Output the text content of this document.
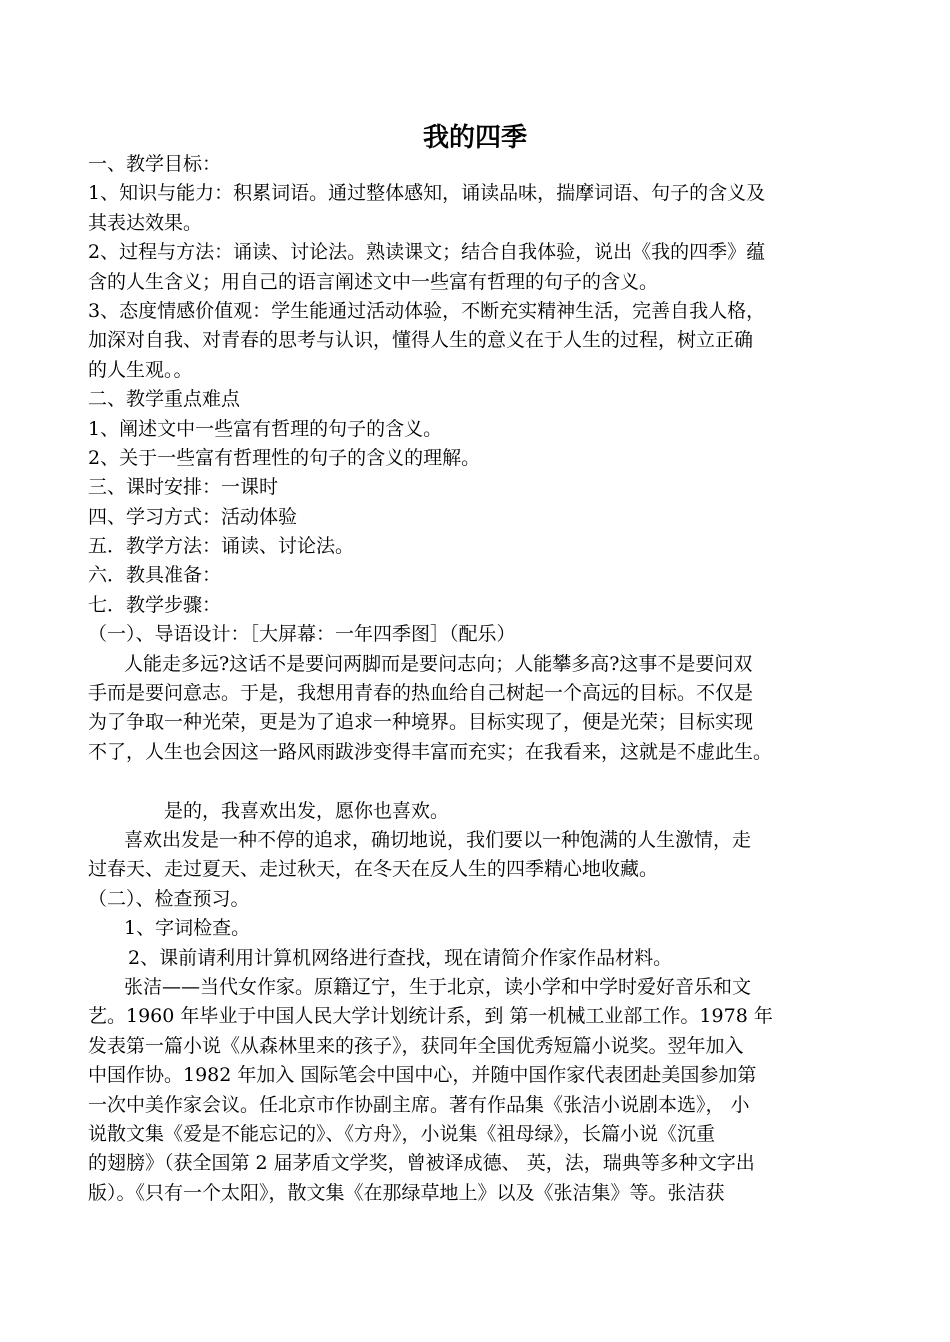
我的四季
一、教学目标：
1、知识与能力：积累词语。通过整体感知，诵读品味，揣摩词语、句子的含义及
其表达效果。
2、过程与方法：诵读、讨论法。熟读课文；结合自我体验，说出《我的四季》蕴
含的人生含义；用自己的语言阐述文中一些富有哲理的句子的含义。
3、态度情感价值观：学生能通过活动体验，不断充实精神生活，完善自我人格，
加深对自我、对青春的思考与认识，懂得人生的意义在于人生的过程，树立正确
的人生观。。
二、教学重点难点
1、阐述文中一些富有哲理的句子的含义。
2、关于一些富有哲理性的句子的含义的理解。
三、课时安排：一课时
四、学习方式：活动体验
五．教学方法：诵读、讨论法。
六．教具准备：
七．教学步骤：
（一）、导语设计：［大屏幕：一年四季图］（配乐）
人能走多远?这话不是要问两脚而是要问志向；人能攀多高?这事不是要问双
手而是要问意志。于是，我想用青春的热血给自己树起一个高远的目标。不仅是
为了争取一种光荣，更是为了追求一种境界。目标实现了，便是光荣；目标实现
不了，人生也会因这一路风雨跋涉变得丰富而充实；在我看来，这就是不虚此生。
是的，我喜欢出发，愿你也喜欢。
喜欢出发是一种不停的追求，确切地说，我们要以一种饱满的人生激情，走
过春天、走过夏天、走过秋天，在冬天在反人生的四季精心地收藏。
（二）、检查预习。
1、字词检查。
2、课前请利用计算机网络进行查找，现在请简介作家作品材料。
张洁——当代女作家。原籍辽宁，生于北京，读小学和中学时爱好音乐和文
艺。1960 年毕业于中国人民大学计划统计系，到 第一机械工业部工作。1978 年
发表第一篇小说《从森林里来的孩子》，获同年全国优秀短篇小说奖。翌年加入
中国作协。1982 年加入 国际笔会中国中心，并随中国作家代表团赴美国参加第
一次中美作家会议。任北京市作协副主席。著有作品集《张洁小说剧本选》， 小
说散文集《爱是不能忘记的》、《方舟》，小说集《祖母绿》，长篇小说《沉重
的翅膀》（获全国第 2 届茅盾文学奖，曾被译成德、 英，法，瑞典等多种文字出
版）。《只有一个太阳》，散文集《在那绿草地上》以及《张洁集》等。张洁获
